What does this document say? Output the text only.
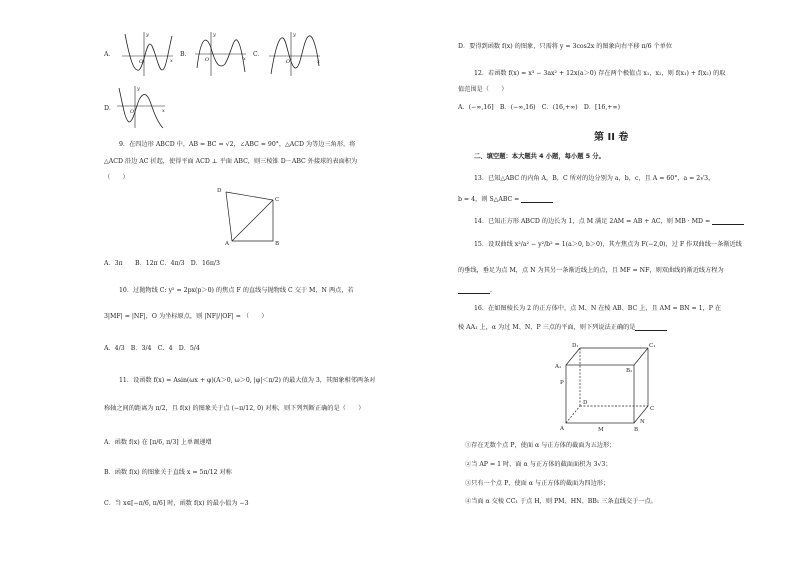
A．
y
x
O
B．
y
x
O
C．
y
x
O
D．
y
x
O
9．在四边形 ABCD 中，AB = BC = √2，∠ABC = 90°，△ACD 为等边三角形，将
△ACD 沿边 AC 折起，使得平面 ACD ⊥ 平面 ABC，则三棱锥 D－ABC 外接球的表面积为
（　　）
D
C
A	B
A．3π　　B．12π C．4π/3　D．16π/3
10．过抛物线 C: y² = 2px(p＞0) 的焦点 F 的直线与抛物线 C 交于 M，N 两点，若
3|MF| = |NF|，O 为坐标原点，则 |NF|/|OF| = （　　）
A．4/3　B．3/4　C．4　D．5/4
11．设函数 f(x) = Asin(ωx + φ)(A＞0, ω＞0, |φ|＜π/2) 的最大值为 3，其图象相邻两条对
称轴之间的距离为 π/2，且 f(x) 的图象关于点 (−π/12, 0) 对称，则下列判断正确的是（　　）
A．函数 f(x) 在 [π/6, π/3] 上单调递增
B．函数 f(x) 的图象关于直线 x = 5π/12 对称
C．当 x∈[−π/6, π/6] 时，函数 f(x) 的最小值为 −3
D．要得到函数 f(x) 的图象，只需将 y = 3cos2x 的图象向右平移 π/6 个单位
12．若函数 f(x) = x³ − 3ax² + 12x(a＞0) 存在两个极值点 x₁，x₂，则 f(x₁) + f(x₂) 的取
值范围是（　　）
A．(−∞,16]　B．(−∞,16)　C．(16,+∞)　D．[16,+∞)
第 II 卷
二、填空题：本大题共 4 小题，每小题 5 分。
13．已知△ABC 的内角 A，B，C 所对的边分别为 a，b，c，且 A = 60°，a = 2√3，
b = 4，则 S△ABC =
14．已知正方形 ABCD 的边长为 1，点 M 满足 2AM = AB + AC，则 MB · MD =
15．设双曲线 x²/a² − y²/b² = 1(a＞0, b＞0)，其左焦点为 F(−2,0)，过 F 作双曲线一条渐近线
的垂线，垂足为点 M，点 N 为其另一条渐近线上的点，且 MF = NF，则双曲线的渐近线方程为
.
16．在如图棱长为 2 的正方体中，点 M、N 在棱 AB、BC 上，且 AM = BN = 1，P 在
棱 AA₁ 上，α 为过 M、N、P 三点的平面，则下列说法正确的是
D₁	C₁
A₁
B₁
P
D
C
A	M	B
N
①存在无数个点 P，使面 α 与正方体的截面为五边形；
②当 AP = 1 时，面 α 与正方体的截面面积为 3√3；
③只有一个点 P，使面 α 与正方体的截面为四边形；
④当面 α 交棱 CC₁ 于点 H，则 PM、HN、BB₁ 三条直线交于一点。
